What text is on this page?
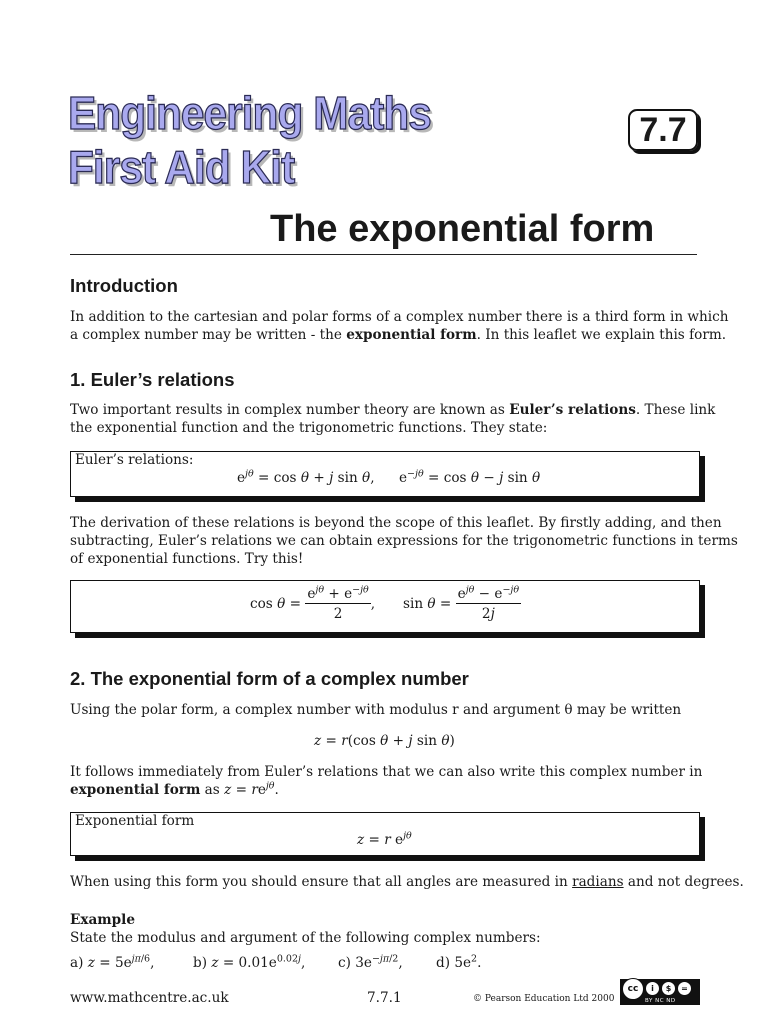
Engineering Maths
First Aid Kit
7.7
The exponential form
Introduction
In addition to the cartesian and polar forms of a complex number there is a third form in which
a complex number may be written - the exponential form. In this leaflet we explain this form.
1. Euler’s relations
Two important results in complex number theory are known as Euler’s relations. These link
the exponential function and the trigonometric functions. They state:
Euler’s relations:
$e^{j\theta} = \cos \theta + j$ sin θ, $e^{-j\theta} = \cos \theta - j$ sin θ
The derivation of these relations is beyond the scope of this leaflet. By firstly adding, and then
subtracting, Euler’s relations we can obtain expressions for the trigonometric functions in terms
of exponential functions. Try this!
$\cos \theta = \frac{e^{j\theta} + e^{-j\theta}}{2}$ , $\sin \theta = \frac{e^{j\theta} - e^{-j\theta}}{2j}$
2. The exponential form of a complex number
Using the polar form, a complex number with modulus r and argument θ may be written
z = r(cos θ + j sin θ)
It follows immediately from Euler’s relations that we can also write this complex number in
exponential form as $z = re^{j\theta}$.
Exponential form
z = r $e^{j\theta}$
When using this form you should ensure that all angles are measured in radians and not degrees.
Example
State the modulus and argument of the following complex numbers:
a) $z = 5e^{j\pi/6}$,	b) $z = 0.01e^{0.02j}$, c) $3e^{-j\pi/2}$, d) $5e^2$.
www.mathcentre.ac.uk	7.7.1	© Pearson Education Ltd 2000
cc	i	$	=
BY NC ND
